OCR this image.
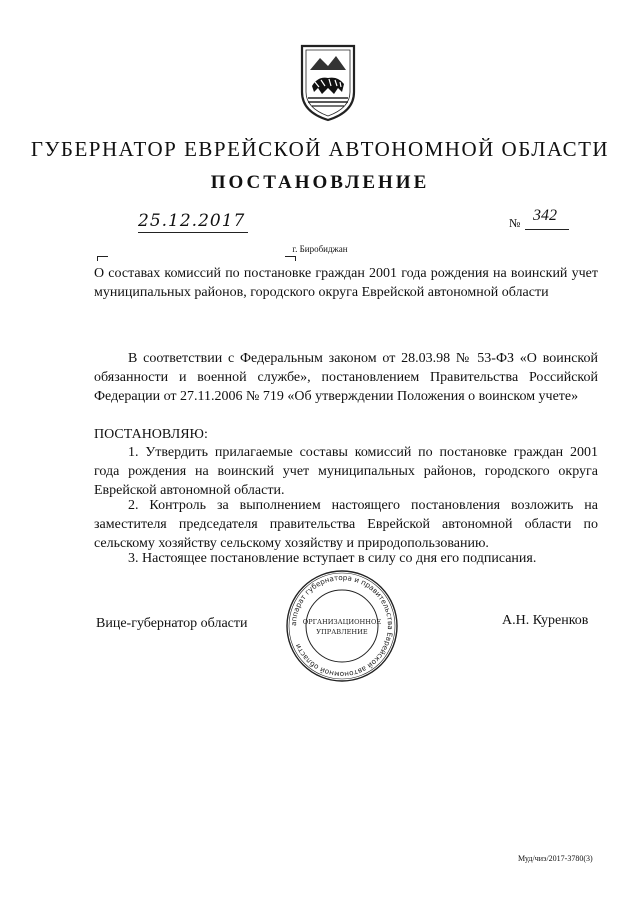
ГУБЕРНАТОР ЕВРЕЙСКОЙ АВТОНОМНОЙ ОБЛАСТИ
ПОСТАНОВЛЕНИЕ
25.12.2017	№ 342
г. Биробиджан
О составах комиссий по постановке граждан 2001 года рождения на воинский учет муниципальных районов, городского округа Еврейской автономной области
В соответствии с Федеральным законом от 28.03.98 № 53-ФЗ «О воинской обязанности и военной службе», постановлением Правительства Российской Федерации от 27.11.2006 № 719 «Об утверждении Положения о воинском учете»
ПОСТАНОВЛЯЮ:
1. Утвердить прилагаемые составы комиссий по постановке граждан 2001 года рождения на воинский учет муниципальных районов, городского округа Еврейской автономной области.
2. Контроль за выполнением настоящего постановления возложить на заместителя председателя правительства Еврейской автономной области по сельскому хозяйству сельскому хозяйству и природопользованию.
3. Настоящее постановление вступает в силу со дня его подписания.
Вице-губернатор области	аппарат губернатора и правительства Еврейской автономной области
ОРГАНИЗАЦИОННОЕ
УПРАВЛЕНИЕ
А.Н. Куренков
Муд/чиэ/2017-3780(3)
